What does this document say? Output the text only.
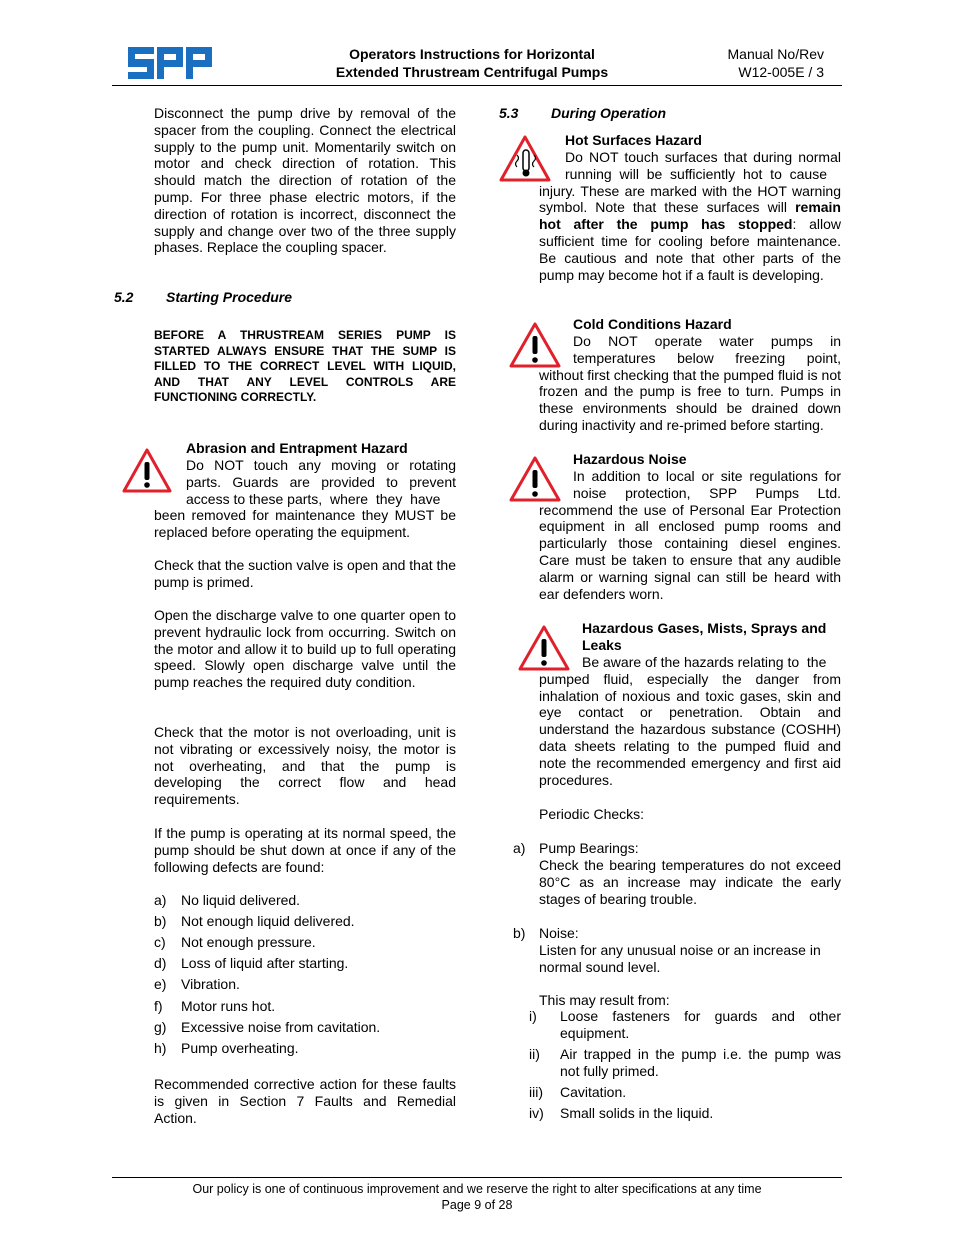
Operators Instructions for Horizontal
Extended Thrustream Centrifugal Pumps
Manual No/Rev
W12-005E / 3
Disconnect the pump drive by removal of the spacer from the coupling. Connect the electrical supply to the pump unit. Momentarily switch on motor and check direction of rotation. This should match the direction of rotation of the pump. For three phase electric motors, if the direction of rotation is incorrect, disconnect the supply and change over two of the three supply phases. Replace the coupling spacer.
5.2 Starting Procedure
BEFORE A THRUSTREAM SERIES PUMP IS STARTED ALWAYS ENSURE THAT THE SUMP IS FILLED TO THE CORRECT LEVEL WITH LIQUID, AND THAT ANY LEVEL CONTROLS ARE FUNCTIONING CORRECTLY.
Abrasion and Entrapment Hazard
Do NOT touch any moving or rotating
parts. Guards are provided to prevent
access to these parts,  where  they  have
been removed for maintenance they MUST be replaced before operating the equipment.
Check that the suction valve is open and that the pump is primed.
Open the discharge valve to one quarter open to prevent hydraulic lock from occurring. Switch on the motor and allow it to build up to full operating speed. Slowly open discharge valve until the pump reaches the required duty condition.
Check that the motor is not overloading, unit is not vibrating or excessively noisy, the motor is not overheating, and that the pump is developing the correct flow and head requirements.
If the pump is operating at its normal speed, the pump should be shut down at once if any of the following defects are found:
a) No liquid delivered.
b) Not enough liquid delivered.
c) Not enough pressure.
d) Loss of liquid after starting.
e) Vibration.
f) Motor runs hot.
g) Excessive noise from cavitation.
h) Pump overheating.
Recommended corrective action for these faults is given in Section 7 Faults and Remedial Action.
5.3 During Operation
Hot Surfaces Hazard
Do NOT touch surfaces that during normal
running  will  be  sufficiently  hot  to  cause
injury. These are marked with the HOT warning symbol. Note that these surfaces will remain hot after the pump has stopped: allow sufficient time for cooling before maintenance. Be cautious and note that other parts of the pump may become hot if a fault is developing.
Cold Conditions Hazard
Do NOT operate water pumps in
temperatures below freezing point,
without first checking that the pumped fluid is not frozen and the pump is free to turn. Pumps in these environments should be drained down during inactivity and re-primed before starting.
Hazardous Noise
In addition to local or site regulations for
noise protection, SPP Pumps Ltd.
recommend the use of Personal Ear Protection equipment in all enclosed pump rooms and particularly those containing diesel engines. Care must be taken to ensure that any audible alarm or warning signal can still be heard with ear defenders worn.
Hazardous Gases, Mists, Sprays and
Leaks
Be aware of the hazards relating to  the
pumped fluid, especially the danger from inhalation of noxious and toxic gases, skin and eye contact or penetration. Obtain and understand the hazardous substance (COSHH) data sheets relating to the pumped fluid and note the recommended emergency and first aid procedures.
Periodic Checks:
a) Pump Bearings:
Check the bearing temperatures do not exceed 80°C as an increase may indicate the early stages of bearing trouble.
b) Noise:
Listen for any unusual noise or an increase in normal sound level.
This may result from:
i) Loose fasteners for guards and other
equipment.
ii) Air trapped in the pump i.e. the pump was
not fully primed.
iii) Cavitation.
iv) Small solids in the liquid.
Our policy is one of continuous improvement and we reserve the right to alter specifications at any time
Page 9 of 28
